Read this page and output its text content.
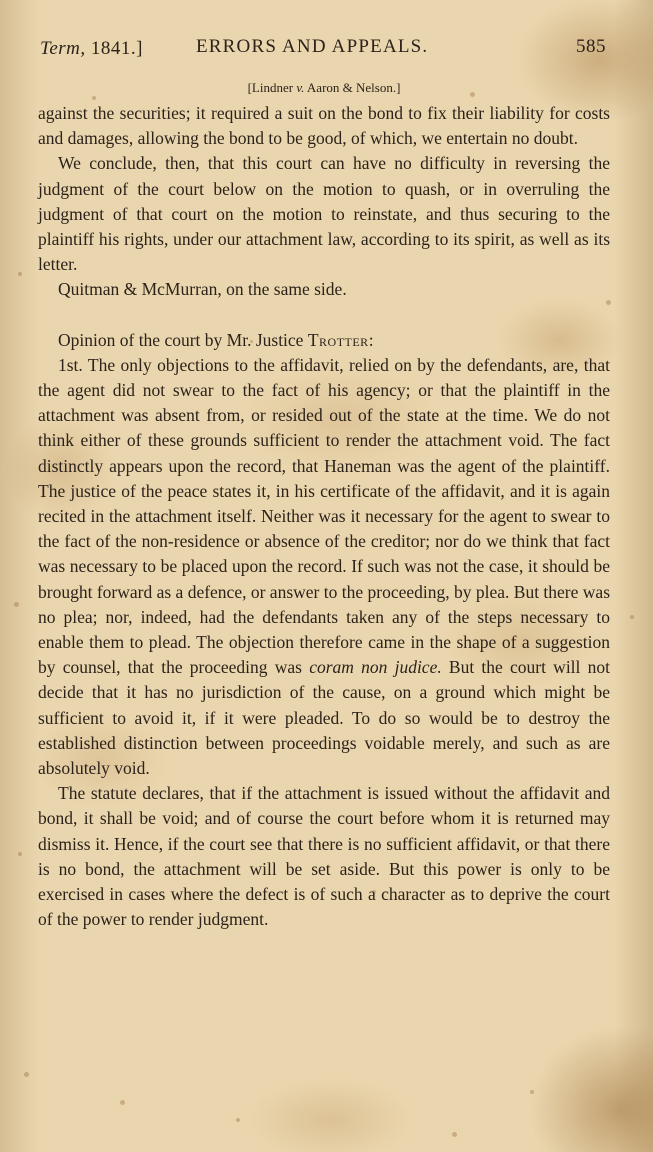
Term, 1841.]	ERRORS AND APPEALS.	585
[Lindner v. Aaron & Nelson.]

against the securities; it required a suit on the bond to fix their liability for costs and damages, allowing the bond to be good, of which, we entertain no doubt.

We conclude, then, that this court can have no difficulty in reversing the judgment of the court below on the motion to quash, or in overruling the judgment of that court on the motion to reinstate, and thus securing to the plaintiff his rights, under our attachment law, according to its spirit, as well as its letter.

Quitman & McMurran, on the same side.

Opinion of the court by Mr. Justice Trotter:

1st. The only objections to the affidavit, relied on by the defendants, are, that the agent did not swear to the fact of his agency; or that the plaintiff in the attachment was absent from, or resided out of the state at the time. We do not think either of these grounds sufficient to render the attachment void. The fact distinctly appears upon the record, that Haneman was the agent of the plaintiff. The justice of the peace states it, in his certificate of the affidavit, and it is again recited in the attachment itself. Neither was it necessary for the agent to swear to the fact of the non-residence or absence of the creditor; nor do we think that fact was necessary to be placed upon the record. If such was not the case, it should be brought forward as a defence, or answer to the proceeding, by plea. But there was no plea; nor, indeed, had the defendants taken any of the steps necessary to enable them to plead. The objection therefore came in the shape of a suggestion by counsel, that the proceeding was coram non judice. But the court will not decide that it has no jurisdiction of the cause, on a ground which might be sufficient to avoid it, if it were pleaded. To do so would be to destroy the established distinction between proceedings voidable merely, and such as are absolutely void.

The statute declares, that if the attachment is issued without the affidavit and bond, it shall be void; and of course the court before whom it is returned may dismiss it. Hence, if the court see that there is no sufficient affidavit, or that there is no bond, the attachment will be set aside. But this power is only to be exercised in cases where the defect is of such a character as to deprive the court of the power to render judgment.
